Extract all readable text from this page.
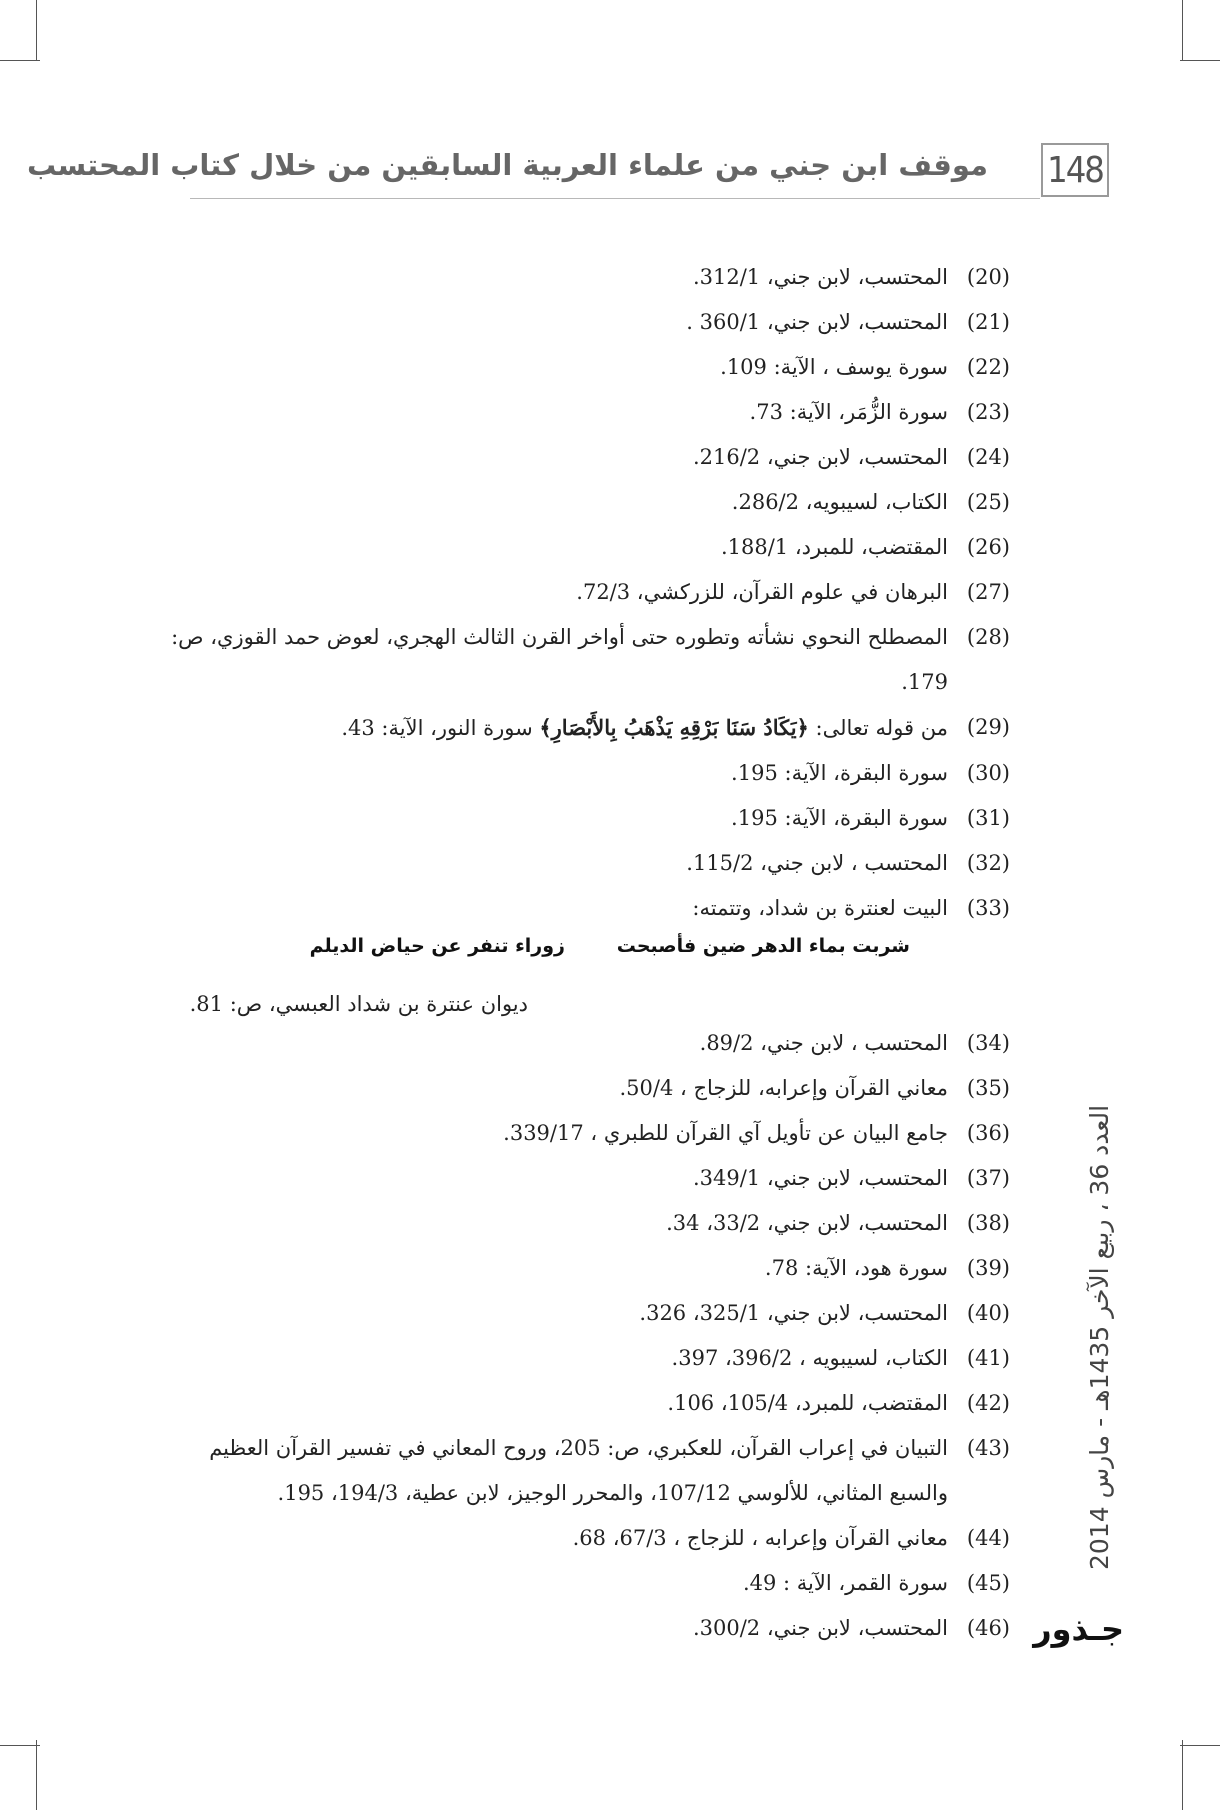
148
موقف ابن جني من علماء العربية السابقين من خلال كتاب المحتسب
العدد 36 ، ربيع الآخر 1435هـ - مارس 2014
جـذور
(20)
المحتسب، لابن جني، 312/1.
(21)
المحتسب، لابن جني، 360/1 .
(22)
سورة يوسف ، الآية: 109.
(23)
سورة الزُّمَر، الآية: 73.
(24)
المحتسب، لابن جني، 216/2.
(25)
الكتاب، لسيبويه، 286/2.
(26)
المقتضب، للمبرد، 188/1.
(27)
البرهان في علوم القرآن، للزركشي، 72/3.
(28)
المصطلح النحوي نشأته وتطوره حتى أواخر القرن الثالث الهجري، لعوض حمد القوزي، ص: 179.
(29)
من قوله تعالى: ﴿يَكَادُ سَنَا بَرْقِهِ يَذْهَبُ بِالأَبْصَارِ﴾ سورة النور، الآية: 43.
(30)
سورة البقرة، الآية: 195.
(31)
سورة البقرة، الآية: 195.
(32)
المحتسب ، لابن جني، 115/2.
(33)
البيت لعنترة بن شداد، وتتمته:
(34)
المحتسب ، لابن جني، 89/2.
(35)
معاني القرآن وإعرابه، للزجاج ، 50/4.
(36)
جامع البيان عن تأويل آي القرآن للطبري ، 339/17.
(37)
المحتسب، لابن جني، 349/1.
(38)
المحتسب، لابن جني، 33/2، 34.
(39)
سورة هود، الآية: 78.
(40)
المحتسب، لابن جني، 325/1، 326.
(41)
الكتاب، لسيبويه ، 396/2، 397.
(42)
المقتضب، للمبرد، 105/4، 106.
(43)
التبيان في إعراب القرآن، للعكبري، ص: 205، وروح المعاني في تفسير القرآن العظيم والسبع المثاني، للألوسي 107/12، والمحرر الوجيز، لابن عطية، 194/3، 195.
(44)
معاني القرآن وإعرابه ، للزجاج ، 67/3، 68.
(45)
سورة القمر، الآية : 49.
(46)
المحتسب، لابن جني، 300/2.
شربت بماء الدهر ضين فأصبحت
زوراء تنفر عن حياض الديلم
ديوان عنترة بن شداد العبسي، ص: 81.
